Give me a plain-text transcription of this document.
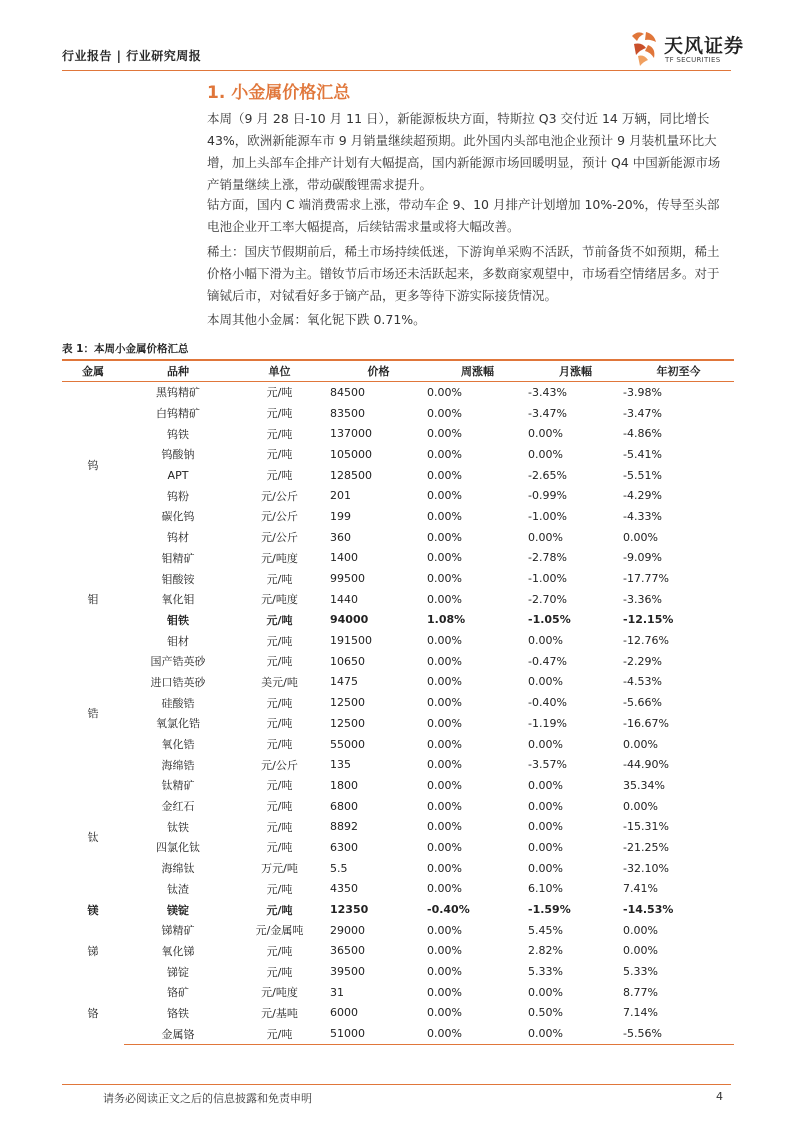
行业报告 | 行业研究周报	天风证券
TF SECURITIES
1. 小金属价格汇总
本周（9 月 28 日-10 月 11 日），新能源板块方面，特斯拉 Q3 交付近 14 万辆，同比增长 43%，欧洲新能源车市 9 月销量继续超预期。此外国内头部电池企业预计 9 月装机量环比大增，加上头部车企排产计划有大幅提高，国内新能源市场回暖明显，预计 Q4 中国新能源市场产销量继续上涨，带动碳酸锂需求提升。
钴方面，国内 C 端消费需求上涨，带动车企 9、10 月排产计划增加 10%-20%，传导至头部电池企业开工率大幅提高，后续钴需求量或将大幅改善。
稀土：国庆节假期前后，稀土市场持续低迷，下游询单采购不活跃，节前备货不如预期，稀土价格小幅下滑为主。镨钕节后市场还未活跃起来，多数商家观望中，市场看空情绪居多。对于镝铽后市，对铽看好多于镝产品，更多等待下游实际接货情况。
本周其他小金属：氧化铌下跌 0.71%。
表 1：本周小金属价格汇总
金属	品种	单位	价格	周涨幅	月涨幅	年初至今
钨	黑钨精矿	元/吨	84500	0.00%	-3.43%	-3.98%
	白钨精矿	元/吨	83500	0.00%	-3.47%	-3.47%
	钨铁	元/吨	137000	0.00%	0.00%	-4.86%
	钨酸钠	元/吨	105000	0.00%	0.00%	-5.41%
	APT	元/吨	128500	0.00%	-2.65%	-5.51%
	钨粉	元/公斤	201	0.00%	-0.99%	-4.29%
	碳化钨	元/公斤	199	0.00%	-1.00%	-4.33%
	钨材	元/公斤	360	0.00%	0.00%	0.00%
钼	钼精矿	元/吨度	1400	0.00%	-2.78%	-9.09%
	钼酸铵	元/吨	99500	0.00%	-1.00%	-17.77%
	氧化钼	元/吨度	1440	0.00%	-2.70%	-3.36%
	钼铁	元/吨	94000	1.08%	-1.05%	-12.15%
	钼材	元/吨	191500	0.00%	0.00%	-12.76%
锆	国产锆英砂	元/吨	10650	0.00%	-0.47%	-2.29%
	进口锆英砂	美元/吨	1475	0.00%	0.00%	-4.53%
	硅酸锆	元/吨	12500	0.00%	-0.40%	-5.66%
	氧氯化锆	元/吨	12500	0.00%	-1.19%	-16.67%
	氧化锆	元/吨	55000	0.00%	0.00%	0.00%
	海绵锆	元/公斤	135	0.00%	-3.57%	-44.90%
钛	钛精矿	元/吨	1800	0.00%	0.00%	35.34%
	金红石	元/吨	6800	0.00%	0.00%	0.00%
	钛铁	元/吨	8892	0.00%	0.00%	-15.31%
	四氯化钛	元/吨	6300	0.00%	0.00%	-21.25%
	海绵钛	万元/吨	5.5	0.00%	0.00%	-32.10%
	钛渣	元/吨	4350	0.00%	6.10%	7.41%
镁	镁锭	元/吨	12350	-0.40%	-1.59%	-14.53%
锑	锑精矿	元/金属吨	29000	0.00%	5.45%	0.00%
	氧化锑	元/吨	36500	0.00%	2.82%	0.00%
	锑锭	元/吨	39500	0.00%	5.33%	5.33%
铬	铬矿	元/吨度	31	0.00%	0.00%	8.77%
	铬铁	元/基吨	6000	0.00%	0.50%	7.14%
	金属铬	元/吨	51000	0.00%	0.00%	-5.56%
请务必阅读正文之后的信息披露和免责申明	4
